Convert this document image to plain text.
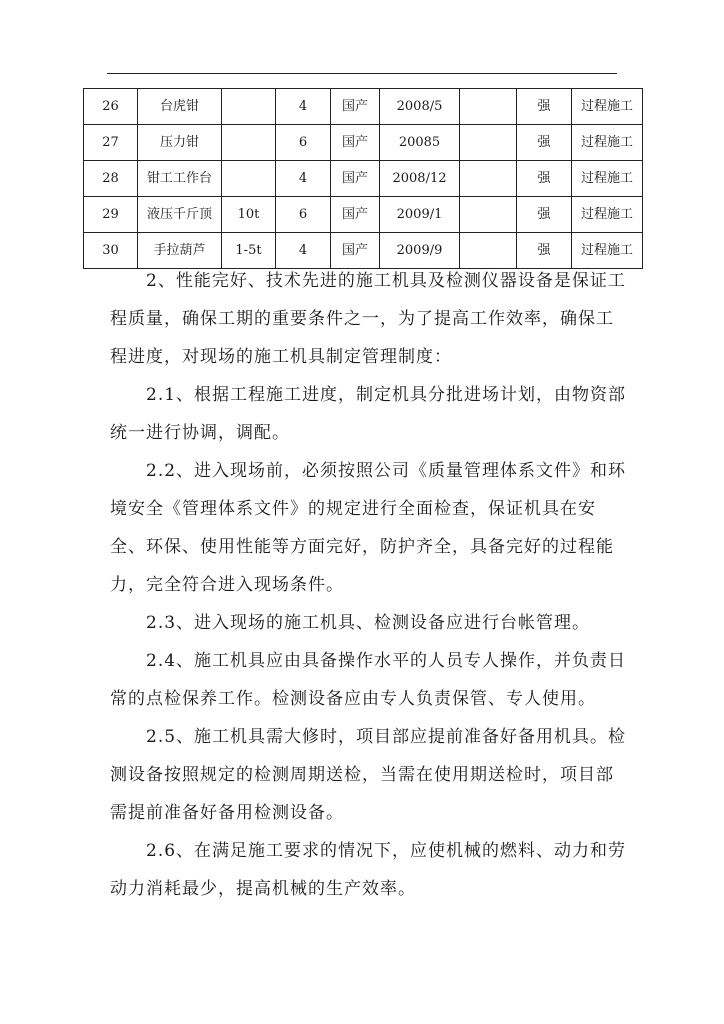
26	台虎钳		4	国产	2008/5		强	过程施工
27	压力钳		6	国产	20085		强	过程施工
28	钳工工作台		4	国产	2008/12		强	过程施工
29	液压千斤顶	10t	6	国产	2009/1		强	过程施工
30	手拉葫芦	1-5t	4	国产	2009/9		强	过程施工

2、性能完好、技术先进的施工机具及检测仪器设备是保证工程质量，确保工期的重要条件之一，为了提高工作效率，确保工程进度，对现场的施工机具制定管理制度：

2.1、根据工程施工进度，制定机具分批进场计划，由物资部统一进行协调，调配。

2.2、进入现场前，必须按照公司《质量管理体系文件》和环境安全《管理体系文件》的规定进行全面检查，保证机具在安全、环保、使用性能等方面完好，防护齐全，具备完好的过程能力，完全符合进入现场条件。

2.3、进入现场的施工机具、检测设备应进行台帐管理。

2.4、施工机具应由具备操作水平的人员专人操作，并负责日常的点检保养工作。检测设备应由专人负责保管、专人使用。

2.5、施工机具需大修时，项目部应提前准备好备用机具。检测设备按照规定的检测周期送检，当需在使用期送检时，项目部需提前准备好备用检测设备。

2.6、在满足施工要求的情况下，应使机械的燃料、动力和劳动力消耗最少，提高机械的生产效率。
